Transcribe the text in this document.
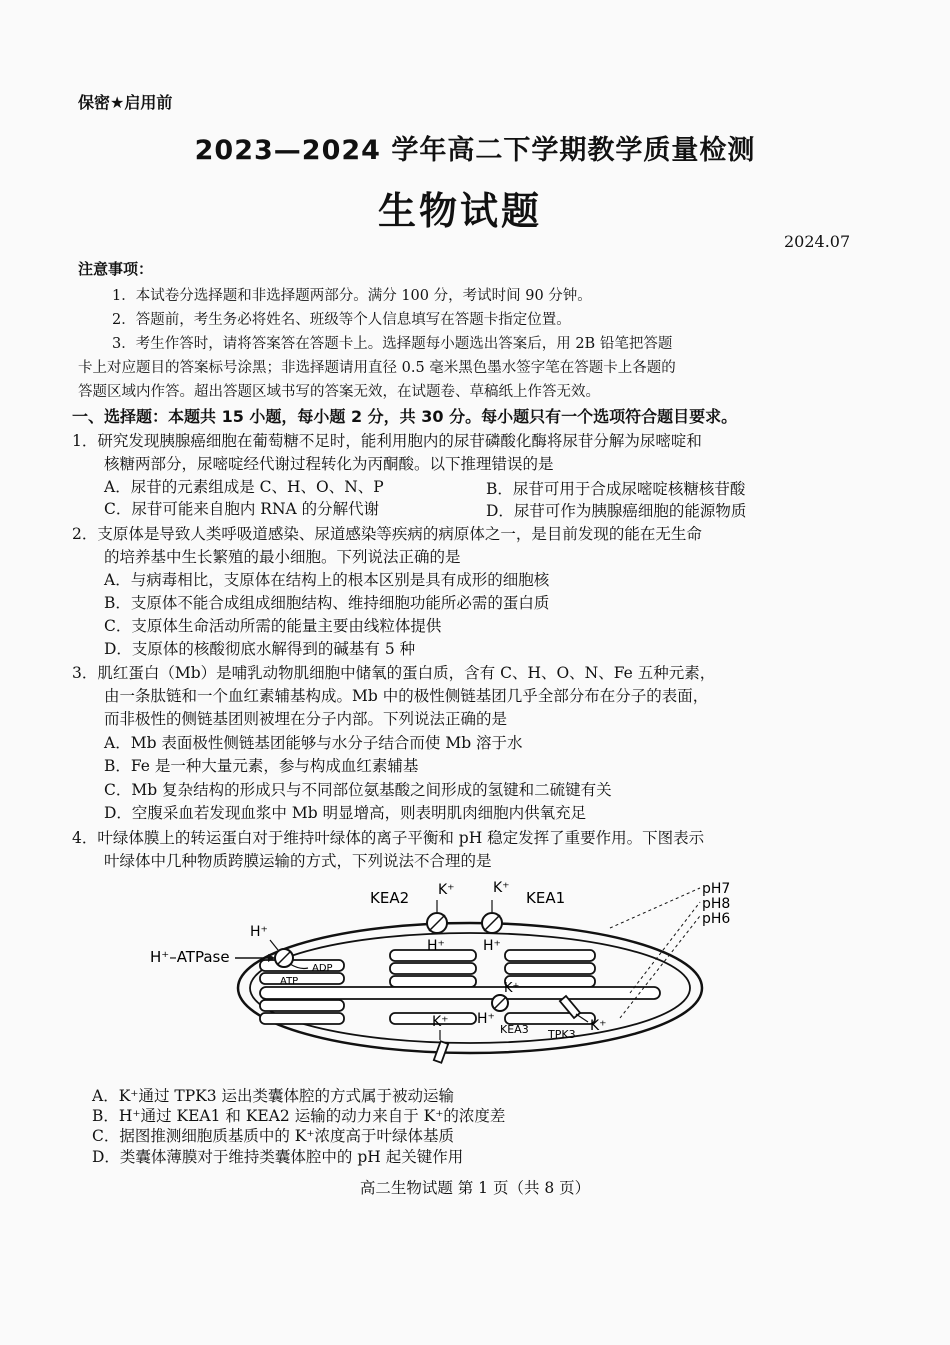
保密★启用前
2023—2024 学年高二下学期教学质量检测
生物试题
2024.07
注意事项：
1．本试卷分选择题和非选择题两部分。满分 100 分，考试时间 90 分钟。
2．答题前，考生务必将姓名、班级等个人信息填写在答题卡指定位置。
3．考生作答时，请将答案答在答题卡上。选择题每小题选出答案后，用 2B 铅笔把答题
卡上对应题目的答案标号涂黑；非选择题请用直径 0.5 毫米黑色墨水签字笔在答题卡上各题的
答题区域内作答。超出答题区域书写的答案无效，在试题卷、草稿纸上作答无效。
一、选择题：本题共 15 小题，每小题 2 分，共 30 分。每小题只有一个选项符合题目要求。
1．研究发现胰腺癌细胞在葡萄糖不足时，能利用胞内的尿苷磷酸化酶将尿苷分解为尿嘧啶和
核糖两部分，尿嘧啶经代谢过程转化为丙酮酸。以下推理错误的是
A．尿苷的元素组成是 C、H、O、N、P	B．尿苷可用于合成尿嘧啶核糖核苷酸
C．尿苷可能来自胞内 RNA 的分解代谢	D．尿苷可作为胰腺癌细胞的能源物质
2．支原体是导致人类呼吸道感染、尿道感染等疾病的病原体之一，是目前发现的能在无生命
的培养基中生长繁殖的最小细胞。下列说法正确的是
A．与病毒相比，支原体在结构上的根本区别是具有成形的细胞核
B．支原体不能合成组成细胞结构、维持细胞功能所必需的蛋白质
C．支原体生命活动所需的能量主要由线粒体提供
D．支原体的核酸彻底水解得到的碱基有 5 种
3．肌红蛋白（Mb）是哺乳动物肌细胞中储氧的蛋白质，含有 C、H、O、N、Fe 五种元素，
由一条肽链和一个血红素辅基构成。Mb 中的极性侧链基团几乎全部分布在分子的表面，
而非极性的侧链基团则被埋在分子内部。下列说法正确的是
A．Mb 表面极性侧链基团能够与水分子结合而使 Mb 溶于水
B．Fe 是一种大量元素，参与构成血红素辅基
C．Mb 复杂结构的形成只与不同部位氨基酸之间形成的氢键和二硫键有关
D．空腹采血若发现血浆中 Mb 明显增高，则表明肌肉细胞内供氧充足
4．叶绿体膜上的转运蛋白对于维持叶绿体的离子平衡和 pH 稳定发挥了重要作用。下图表示
叶绿体中几种物质跨膜运输的方式，下列说法不合理的是
KEA2 K⁺
H⁺
KEA1
K⁺
H⁺
H⁺–ATPase
H⁺
ADP
ATP	K⁺
H⁺
KEA3 TPK3
K⁺
K⁺
pH7
pH8
pH6
A．K⁺通过 TPK3 运出类囊体腔的方式属于被动运输
B．H⁺通过 KEA1 和 KEA2 运输的动力来自于 K⁺的浓度差
C．据图推测细胞质基质中的 K⁺浓度高于叶绿体基质
D．类囊体薄膜对于维持类囊体腔中的 pH 起关键作用
高二生物试题 第 1 页（共 8 页）
